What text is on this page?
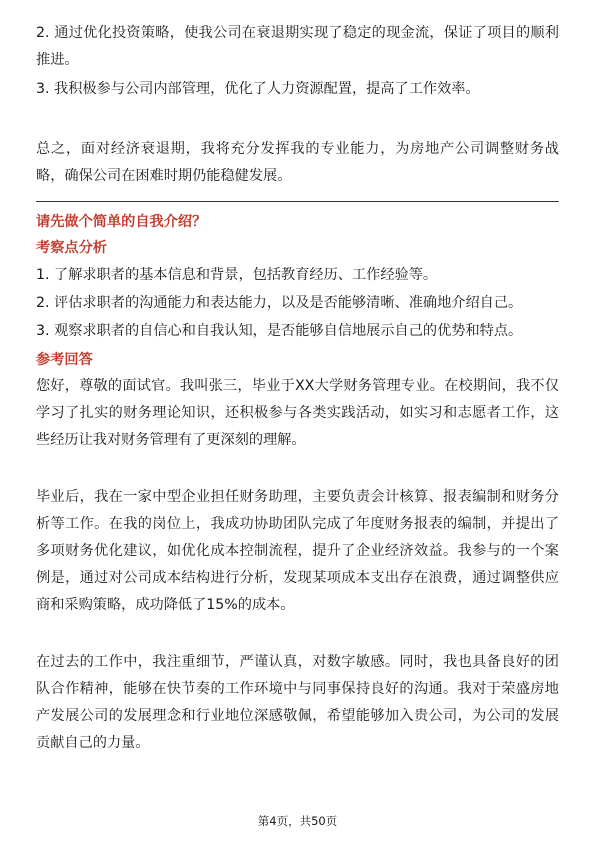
2. 通过优化投资策略，使我公司在衰退期实现了稳定的现金流，保证了项目的顺利推进。

3. 我积极参与公司内部管理，优化了人力资源配置，提高了工作效率。

总之，面对经济衰退期，我将充分发挥我的专业能力，为房地产公司调整财务战略，确保公司在困难时期仍能稳健发展。

请先做个简单的自我介绍？
考察点分析
1. 了解求职者的基本信息和背景，包括教育经历、工作经验等。
2. 评估求职者的沟通能力和表达能力，以及是否能够清晰、准确地介绍自己。
3. 观察求职者的自信心和自我认知，是否能够自信地展示自己的优势和特点。
参考回答

您好，尊敬的面试官。我叫张三，毕业于XX大学财务管理专业。在校期间，我不仅学习了扎实的财务理论知识，还积极参与各类实践活动，如实习和志愿者工作，这些经历让我对财务管理有了更深刻的理解。

毕业后，我在一家中型企业担任财务助理，主要负责会计核算、报表编制和财务分析等工作。在我的岗位上，我成功协助团队完成了年度财务报表的编制，并提出了多项财务优化建议，如优化成本控制流程，提升了企业经济效益。我参与的一个案例是，通过对公司成本结构进行分析，发现某项成本支出存在浪费，通过调整供应商和采购策略，成功降低了15%的成本。

在过去的工作中，我注重细节，严谨认真，对数字敏感。同时，我也具备良好的团队合作精神，能够在快节奏的工作环境中与同事保持良好的沟通。我对于荣盛房地产发展公司的发展理念和行业地位深感敬佩，希望能够加入贵公司，为公司的发展贡献自己的力量。

第4页，共50页
